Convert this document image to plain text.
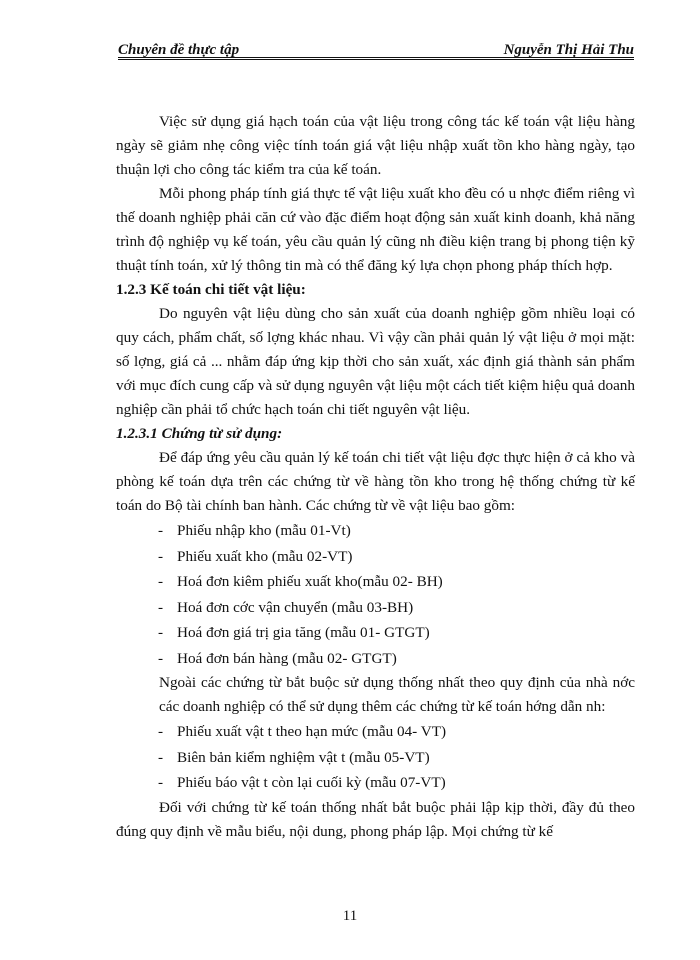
Chuyên đề thực tập	Nguyễn Thị Hải Thu

Việc sử dụng giá hạch toán của vật liệu trong công tác kế toán vật liệu hàng ngày sẽ giảm nhẹ công việc tính toán giá vật liệu nhập xuất tồn kho hàng ngày, tạo thuận lợi cho công tác kiểm tra của kế toán.

Mỗi phong pháp tính giá thực tế vật liệu xuất kho đều có u nhợc điểm riêng vì thế doanh nghiệp phải căn cứ vào đặc điểm hoạt động sản xuất kinh doanh, khả năng trình độ nghiệp vụ kế toán, yêu cầu quản lý cũng nh điều kiện trang bị phong tiện kỹ thuật tính toán, xử lý thông tin mà có thể đăng ký lựa chọn phong pháp thích hợp.

1.2.3 Kế toán chi tiết vật liệu:

Do nguyên vật liệu dùng cho sản xuất của doanh nghiệp gồm nhiều loại có quy cách, phẩm chất, số lợng khác nhau. Vì vậy cần phải quản lý vật liệu ở mọi mặt: số lợng, giá cả ... nhằm đáp ứng kịp thời cho sản xuất, xác định giá thành sản phẩm với mục đích cung cấp và sử dụng nguyên vật liệu một cách tiết kiệm hiệu quả doanh nghiệp cần phải tổ chức hạch toán chi tiết nguyên vật liệu.

1.2.3.1 Chứng từ sử dụng:

Để đáp ứng yêu cầu quản lý kế toán chi tiết vật liệu đợc thực hiện ở cả kho và phòng kế toán dựa trên các chứng từ về hàng tồn kho trong hệ thống chứng từ kế toán do Bộ tài chính ban hành. Các chứng từ về vật liệu bao gồm:

- Phiếu nhập kho (mẫu 01-Vt)
- Phiếu xuất kho (mẫu 02-VT)
- Hoá đơn kiêm phiếu xuất kho(mẫu 02- BH)
- Hoá đơn cớc vận chuyển (mẫu 03-BH)
- Hoá đơn giá trị gia tăng (mẫu 01- GTGT)
- Hoá đơn bán hàng (mẫu 02- GTGT)

Ngoài các chứng từ bắt buộc sử dụng thống nhất theo quy định của nhà nớc các doanh nghiệp có thể sử dụng thêm các chứng từ kế toán hớng dẫn nh:

- Phiếu xuất vật t theo hạn mức (mẫu 04- VT)
- Biên bản kiểm nghiệm vật t (mẫu 05-VT)
- Phiếu báo vật t còn lại cuối kỳ (mẫu 07-VT)

Đối với chứng từ kế toán thống nhất bắt buộc phải lập kịp thời, đầy đủ theo đúng quy định về mẫu biểu, nội dung, phong pháp lập. Mọi chứng từ kế

11
